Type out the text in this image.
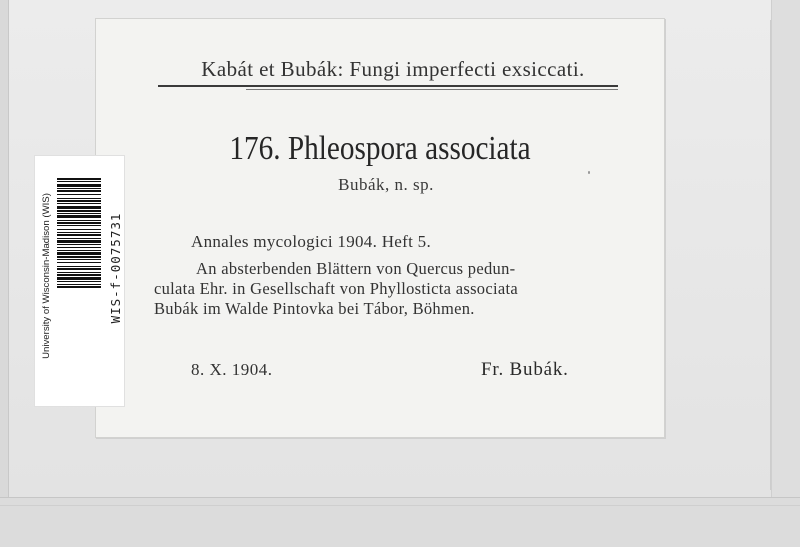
Kabát et Bubák: Fungi imperfecti exsiccati.
176. Phleospora associata
Bubák, n. sp.
Annales mycologici 1904. Heft 5.
An absterbenden Blättern von Quercus pedun-
culata Ehr. in Gesellschaft von Phyllosticta associata
Bubák im Walde Pintovka bei Tábor, Böhmen.
8. X. 1904.	Fr. Bubák.
University of Wisconsin-Madison (WIS)	WIS-f-0075731
